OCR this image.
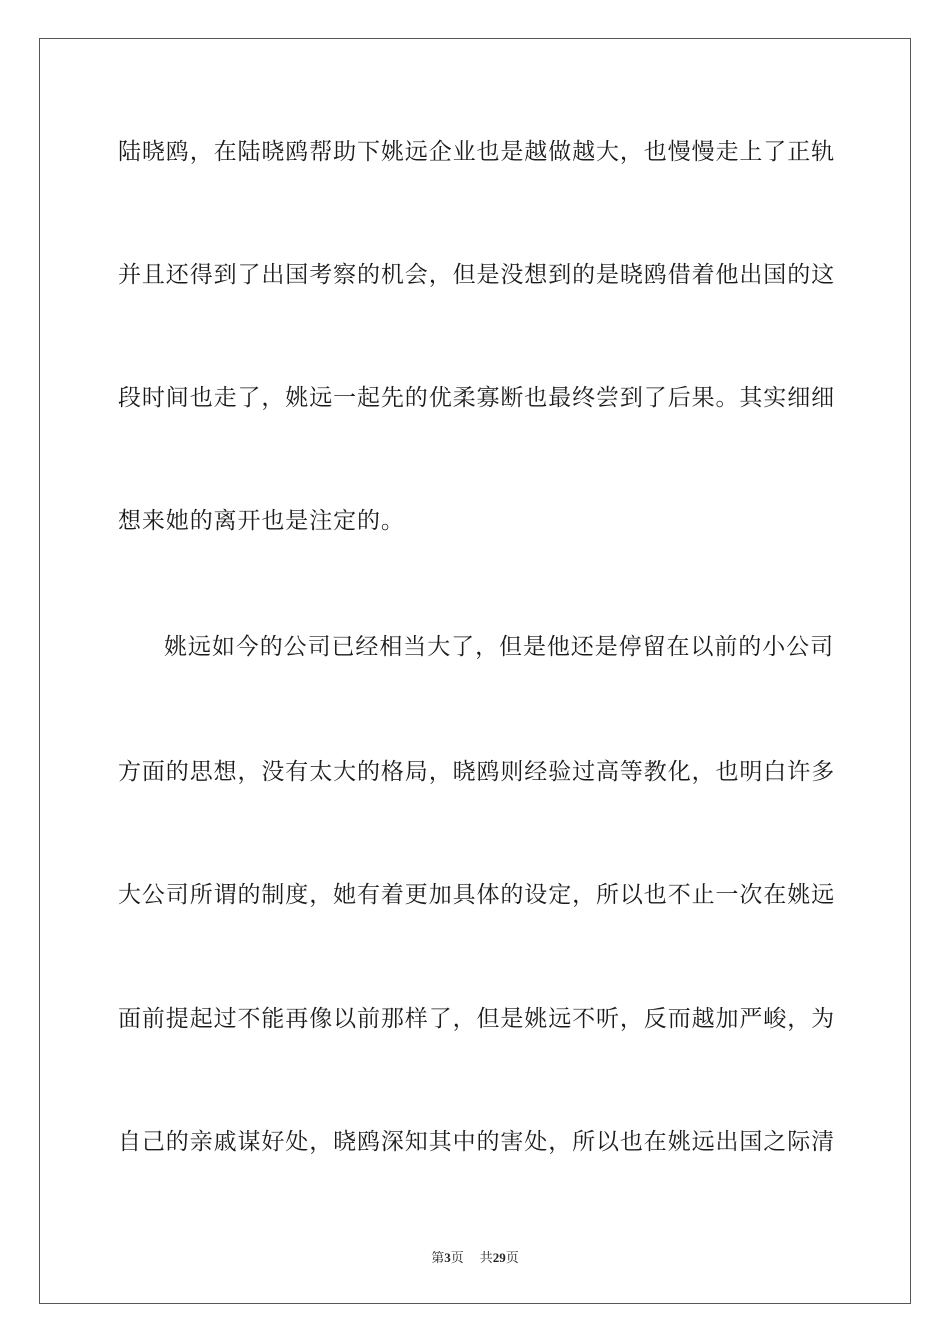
陆晓鸥，在陆晓鸥帮助下姚远企业也是越做越大，也慢慢走上了正轨
并且还得到了出国考察的机会，但是没想到的是晓鸥借着他出国的这
段时间也走了，姚远一起先的优柔寡断也最终尝到了后果。其实细细
想来她的离开也是注定的。
姚远如今的公司已经相当大了，但是他还是停留在以前的小公司
方面的思想，没有太大的格局，晓鸥则经验过高等教化，也明白许多
大公司所谓的制度，她有着更加具体的设定，所以也不止一次在姚远
面前提起过不能再像以前那样了，但是姚远不听，反而越加严峻，为
自己的亲戚谋好处，晓鸥深知其中的害处，所以也在姚远出国之际清
第3页 共29页
